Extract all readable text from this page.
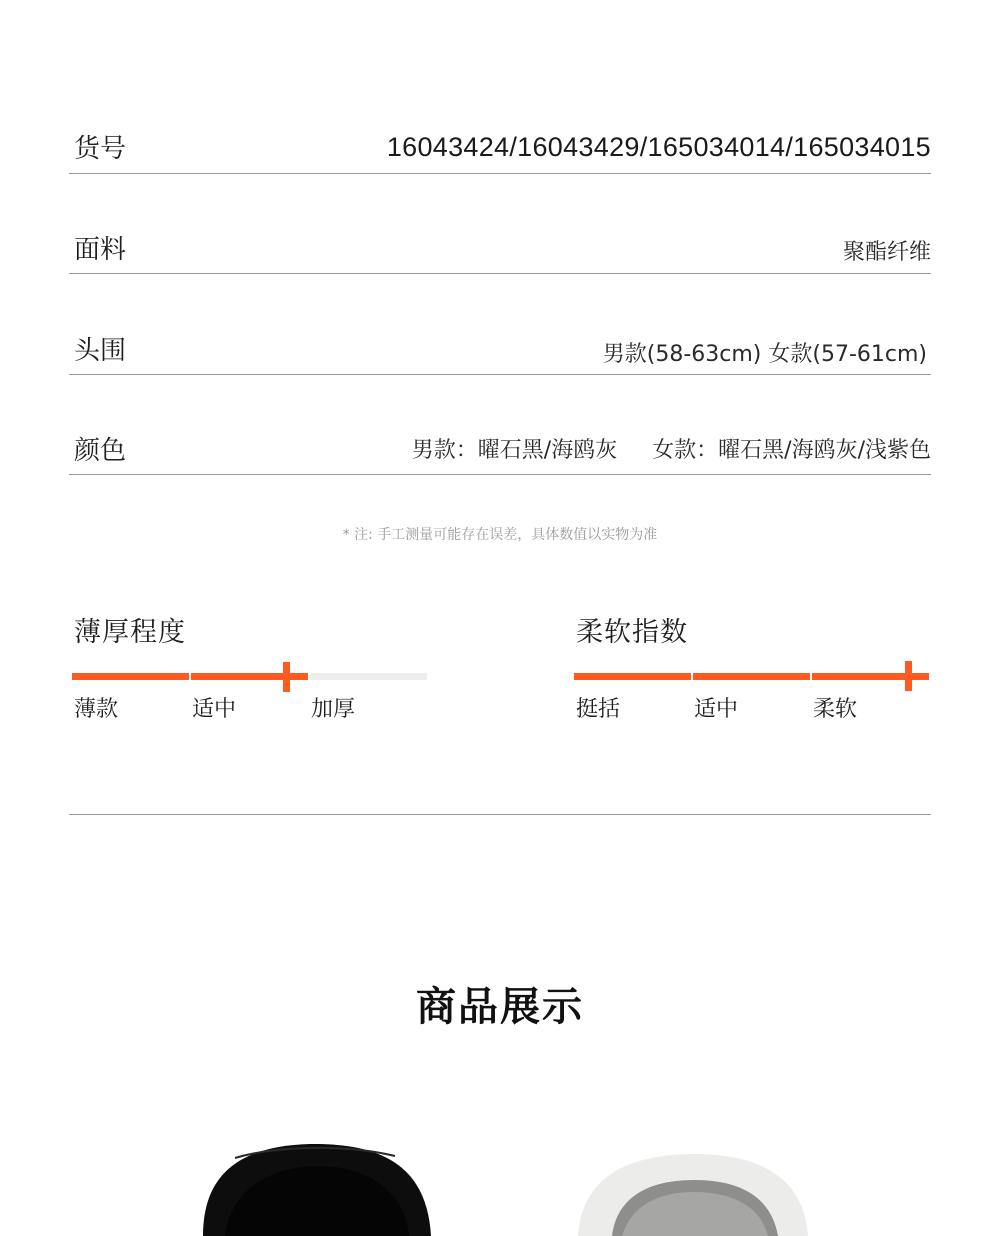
货号	16043424/16043429/165034014/165034015
面料	聚酯纤维
头围	男款(58-63cm) 女款(57-61cm)
颜色	男款：曜石黑/海鸥灰     女款：曜石黑/海鸥灰/浅紫色
* 注: 手工测量可能存在误差，具体数值以实物为准
薄厚程度
薄款	适中	加厚
柔软指数
挺括	适中	柔软
商品展示
